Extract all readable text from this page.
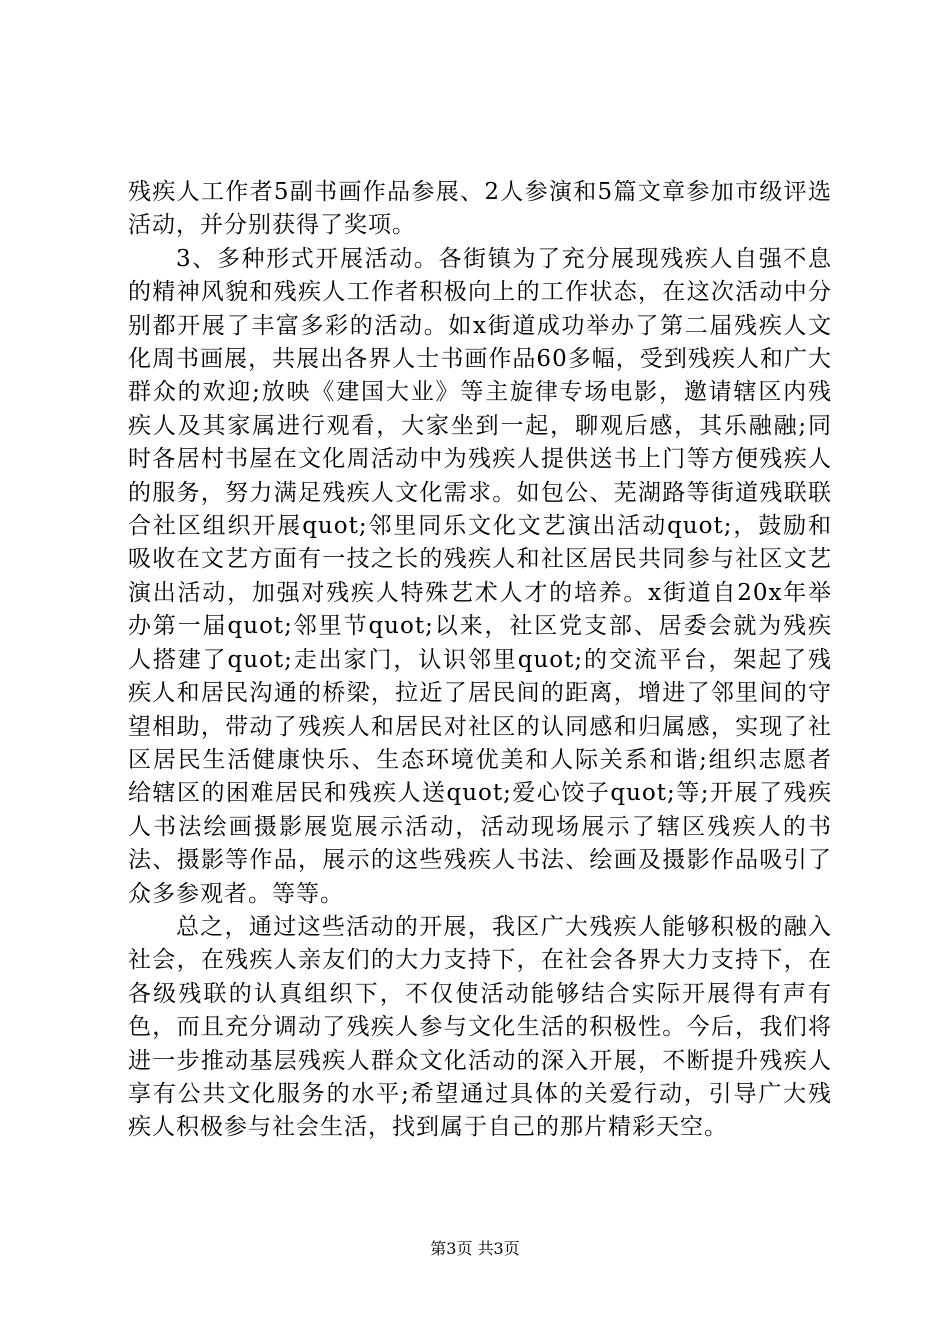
残疾人工作者5副书画作品参展、2人参演和5篇文章参加市级评选活动，并分别获得了奖项。

3、多种形式开展活动。各街镇为了充分展现残疾人自强不息的精神风貌和残疾人工作者积极向上的工作状态，在这次活动中分别都开展了丰富多彩的活动。如x街道成功举办了第二届残疾人文化周书画展，共展出各界人士书画作品60多幅，受到残疾人和广大群众的欢迎;放映《建国大业》等主旋律专场电影，邀请辖区内残疾人及其家属进行观看，大家坐到一起，聊观后感，其乐融融;同时各居村书屋在文化周活动中为残疾人提供送书上门等方便残疾人的服务，努力满足残疾人文化需求。如包公、芜湖路等街道残联联合社区组织开展quot;邻里同乐文化文艺演出活动quot;，鼓励和吸收在文艺方面有一技之长的残疾人和社区居民共同参与社区文艺演出活动，加强对残疾人特殊艺术人才的培养。x街道自20x年举办第一届quot;邻里节quot;以来，社区党支部、居委会就为残疾人搭建了quot;走出家门，认识邻里quot;的交流平台，架起了残疾人和居民沟通的桥梁，拉近了居民间的距离，增进了邻里间的守望相助，带动了残疾人和居民对社区的认同感和归属感，实现了社区居民生活健康快乐、生态环境优美和人际关系和谐;组织志愿者给辖区的困难居民和残疾人送quot;爱心饺子quot;等;开展了残疾人书法绘画摄影展览展示活动，活动现场展示了辖区残疾人的书法、摄影等作品，展示的这些残疾人书法、绘画及摄影作品吸引了众多参观者。等等。

总之，通过这些活动的开展，我区广大残疾人能够积极的融入社会，在残疾人亲友们的大力支持下，在社会各界大力支持下，在各级残联的认真组织下，不仅使活动能够结合实际开展得有声有色，而且充分调动了残疾人参与文化生活的积极性。今后，我们将进一步推动基层残疾人群众文化活动的深入开展，不断提升残疾人享有公共文化服务的水平;希望通过具体的关爱行动，引导广大残疾人积极参与社会生活，找到属于自己的那片精彩天空。

第3页 共3页
